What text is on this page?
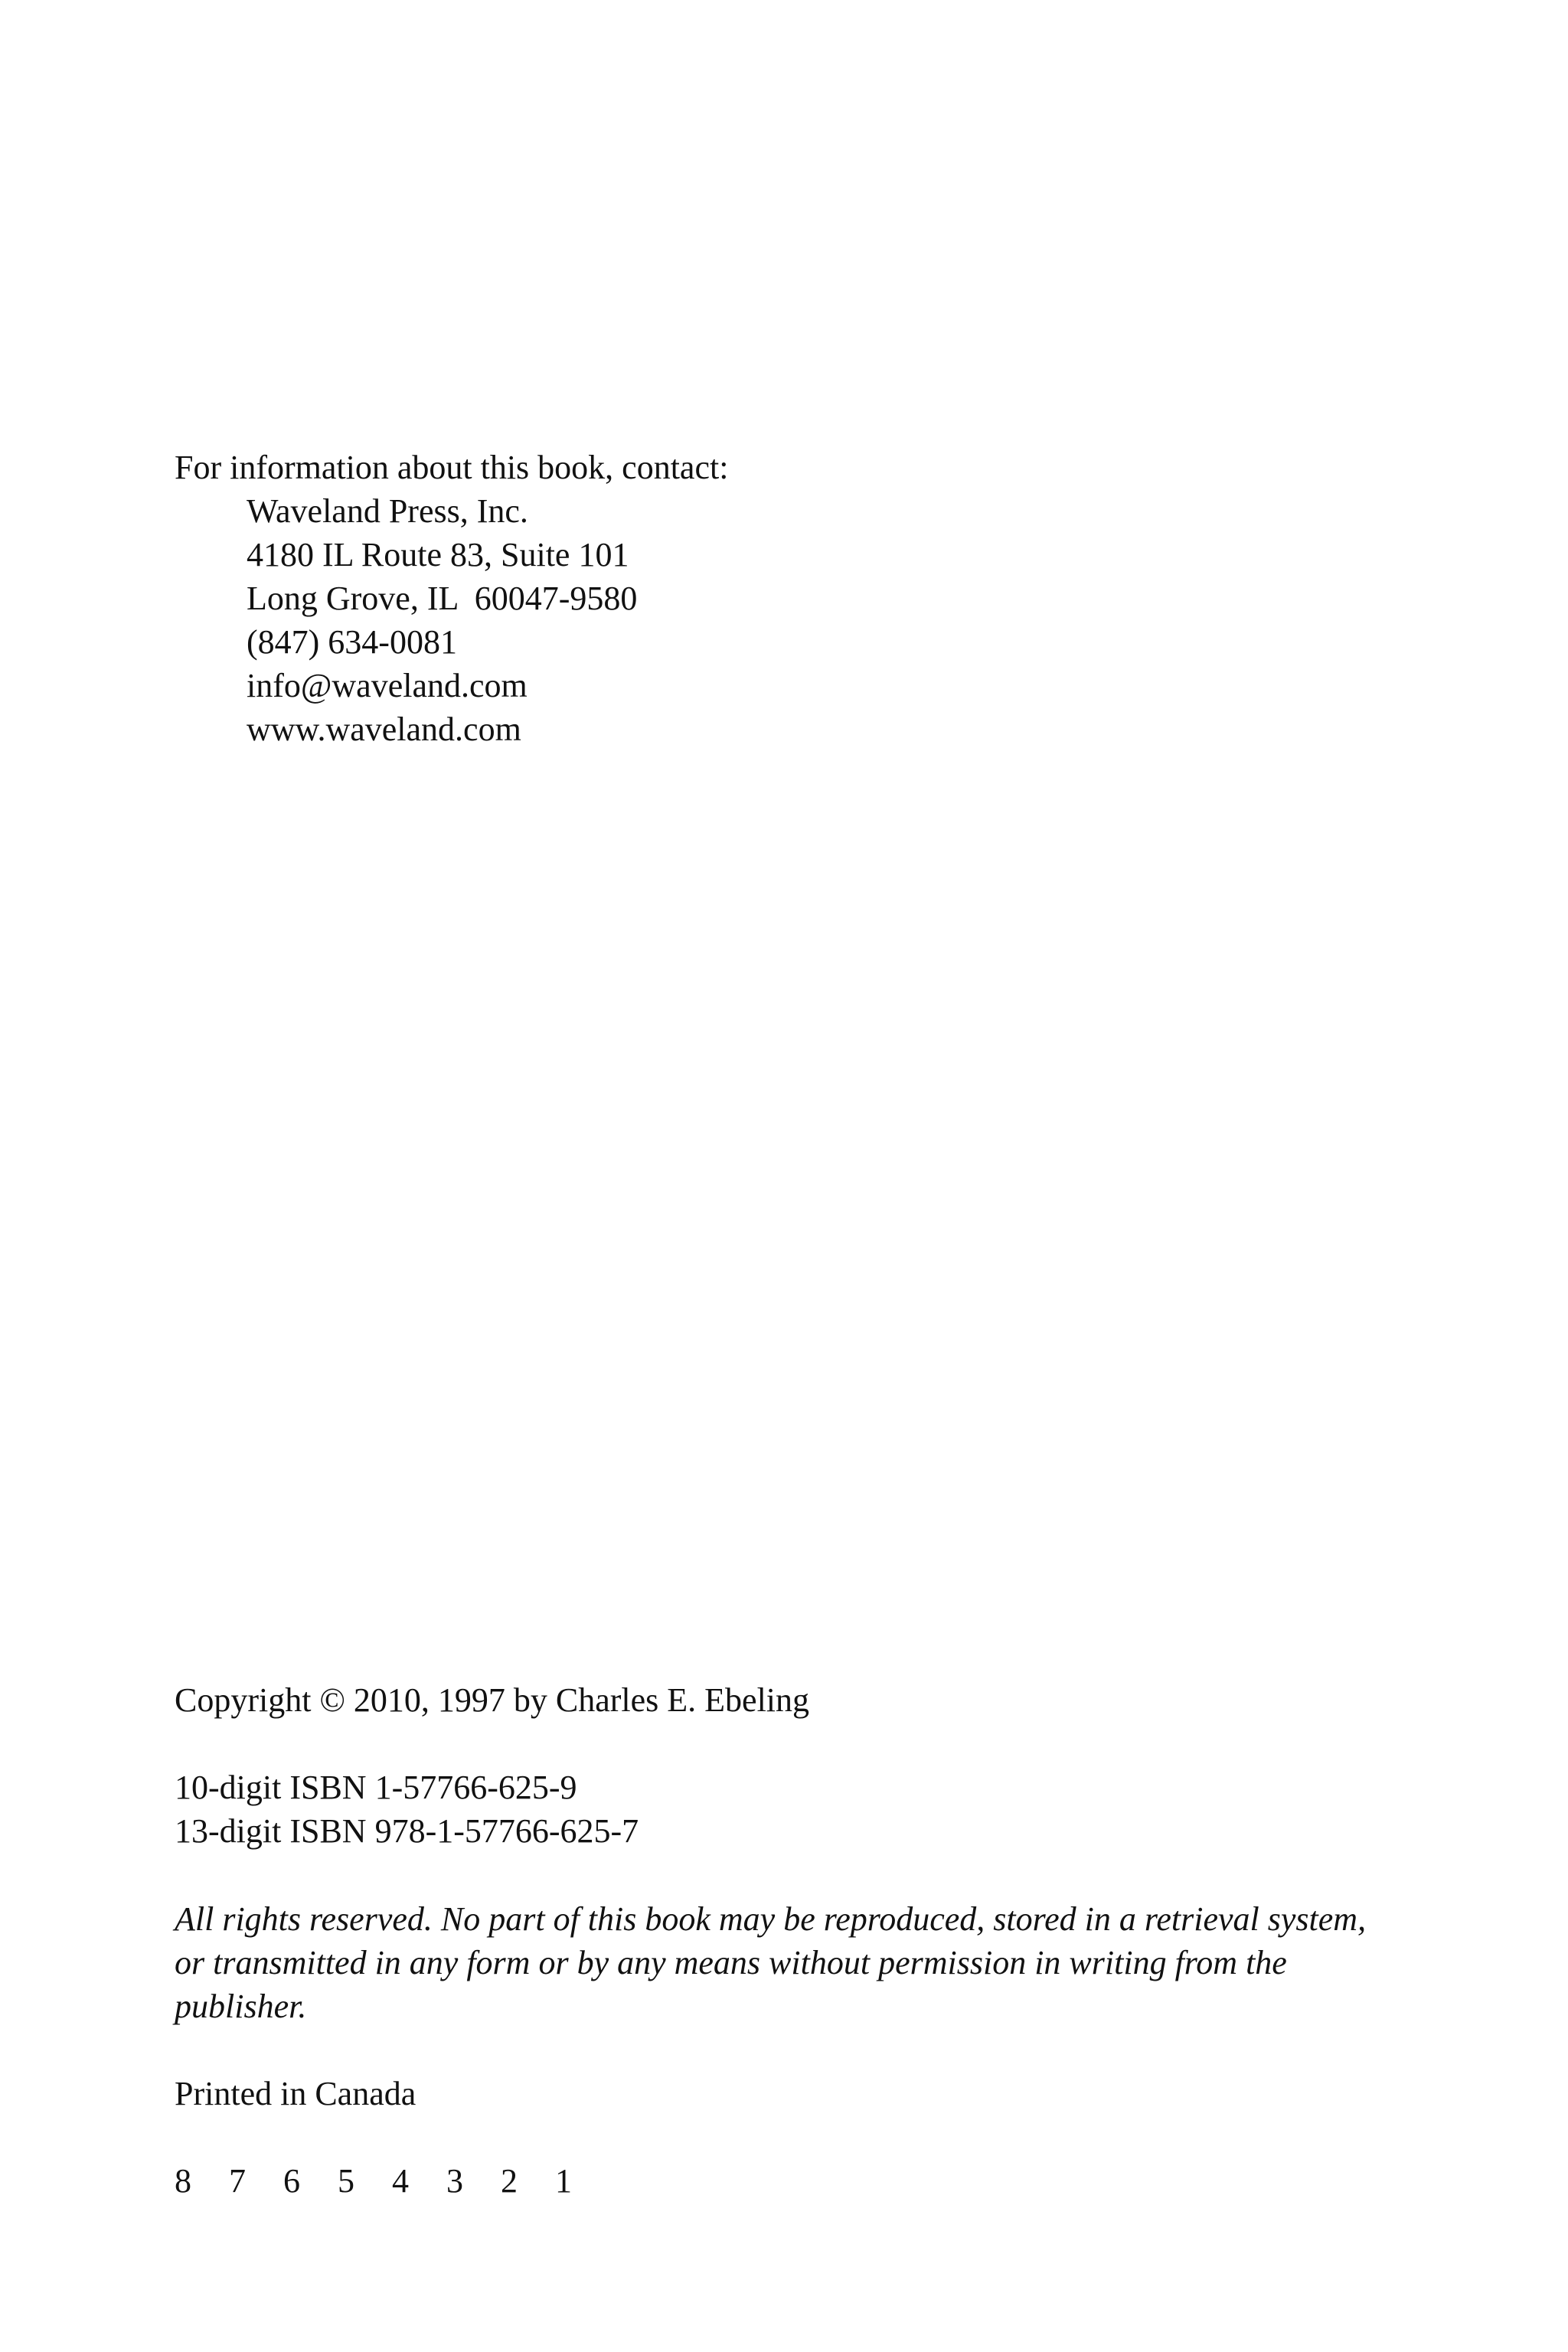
For information about this book, contact:
Waveland Press, Inc.
4180 IL Route 83, Suite 101
Long Grove, IL  60047-9580
(847) 634-0081
info@waveland.com
www.waveland.com
Copyright © 2010, 1997 by Charles E. Ebeling
10-digit ISBN 1-57766-625-9
13-digit ISBN 978-1-57766-625-7
All rights reserved. No part of this book may be reproduced, stored in a retrieval system, or transmitted in any form or by any means without permission in writing from the publisher.
Printed in Canada
8	7	6	5	4	3	2	1
